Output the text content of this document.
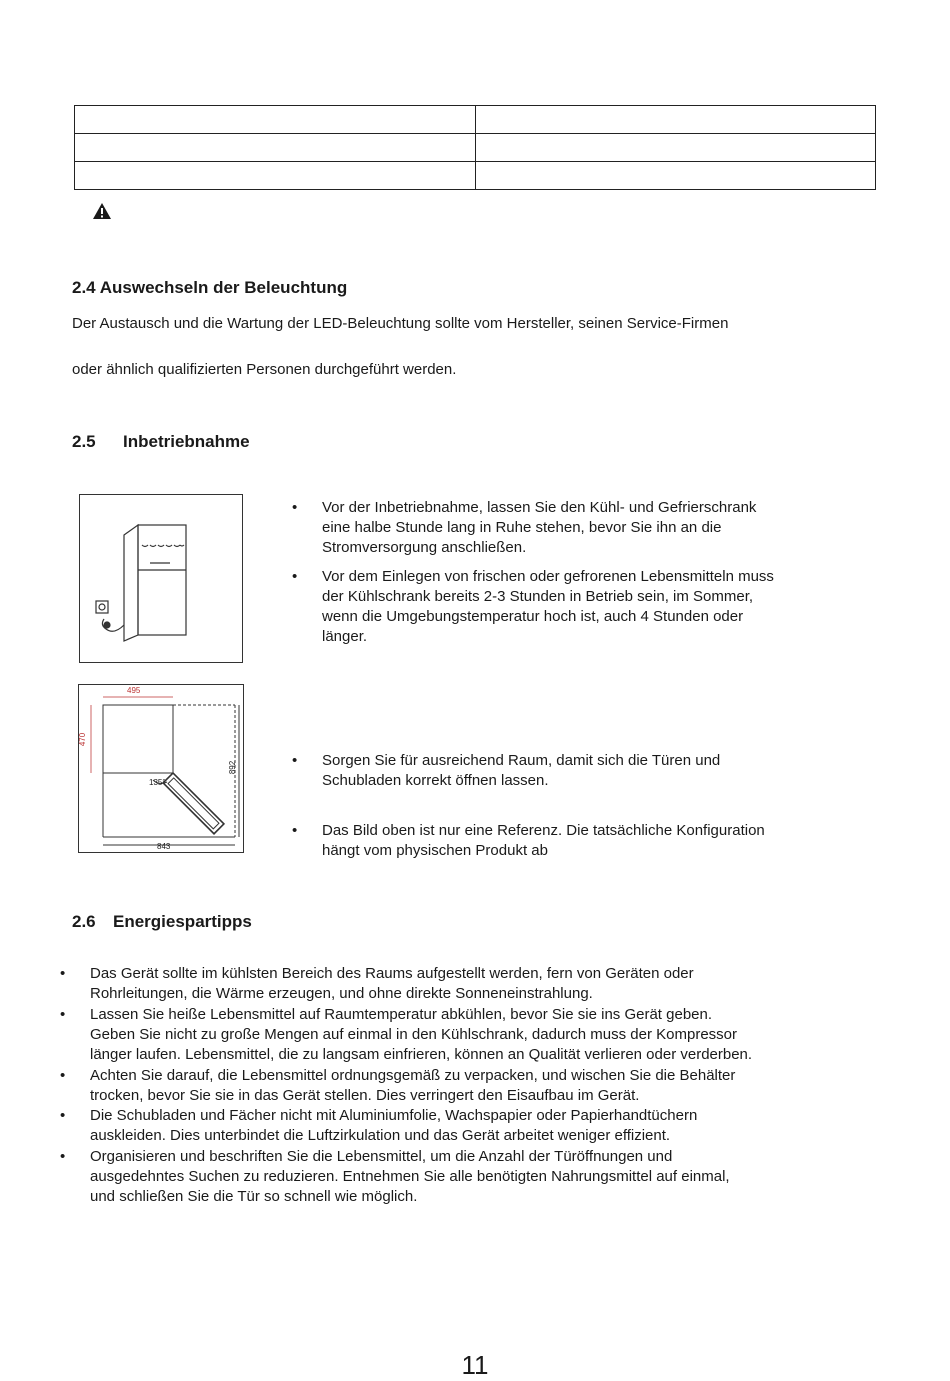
2.4 Auswechseln der Beleuchtung
Der Austausch und die Wartung der LED-Beleuchtung sollte vom Hersteller, seinen Service-Firmen
oder ähnlich qualifizierten Personen durchgeführt werden.
2.5 Inbetriebnahme
495
470
892
843
135°
• Vor der Inbetriebnahme, lassen Sie den Kühl- und Gefrierschrank
eine halbe Stunde lang in Ruhe stehen, bevor Sie ihn an die
Stromversorgung anschließen.
• Vor dem Einlegen von frischen oder gefrorenen Lebensmitteln muss
der Kühlschrank bereits 2-3 Stunden in Betrieb sein, im Sommer,
wenn die Umgebungstemperatur hoch ist, auch 4 Stunden oder
länger.
• Sorgen Sie für ausreichend Raum, damit sich die Türen und
Schubladen korrekt öffnen lassen.
• Das Bild oben ist nur eine Referenz. Die tatsächliche Konfiguration
hängt vom physischen Produkt ab
2.6 Energiespartipps
• Das Gerät sollte im kühlsten Bereich des Raums aufgestellt werden, fern von Geräten oder
Rohrleitungen, die Wärme erzeugen, und ohne direkte Sonneneinstrahlung.
• Lassen Sie heiße Lebensmittel auf Raumtemperatur abkühlen, bevor Sie sie ins Gerät geben.
Geben Sie nicht zu große Mengen auf einmal in den Kühlschrank, dadurch muss der Kompressor
länger laufen. Lebensmittel, die zu langsam einfrieren, können an Qualität verlieren oder verderben.
• Achten Sie darauf, die Lebensmittel ordnungsgemäß zu verpacken, und wischen Sie die Behälter
trocken, bevor Sie sie in das Gerät stellen. Dies verringert den Eisaufbau im Gerät.
• Die Schubladen und Fächer nicht mit Aluminiumfolie, Wachspapier oder Papierhandtüchern
auskleiden. Dies unterbindet die Luftzirkulation und das Gerät arbeitet weniger effizient.
• Organisieren und beschriften Sie die Lebensmittel, um die Anzahl der Türöffnungen und
ausgedehntes Suchen zu reduzieren. Entnehmen Sie alle benötigten Nahrungsmittel auf einmal,
und schließen Sie die Tür so schnell wie möglich.
11
